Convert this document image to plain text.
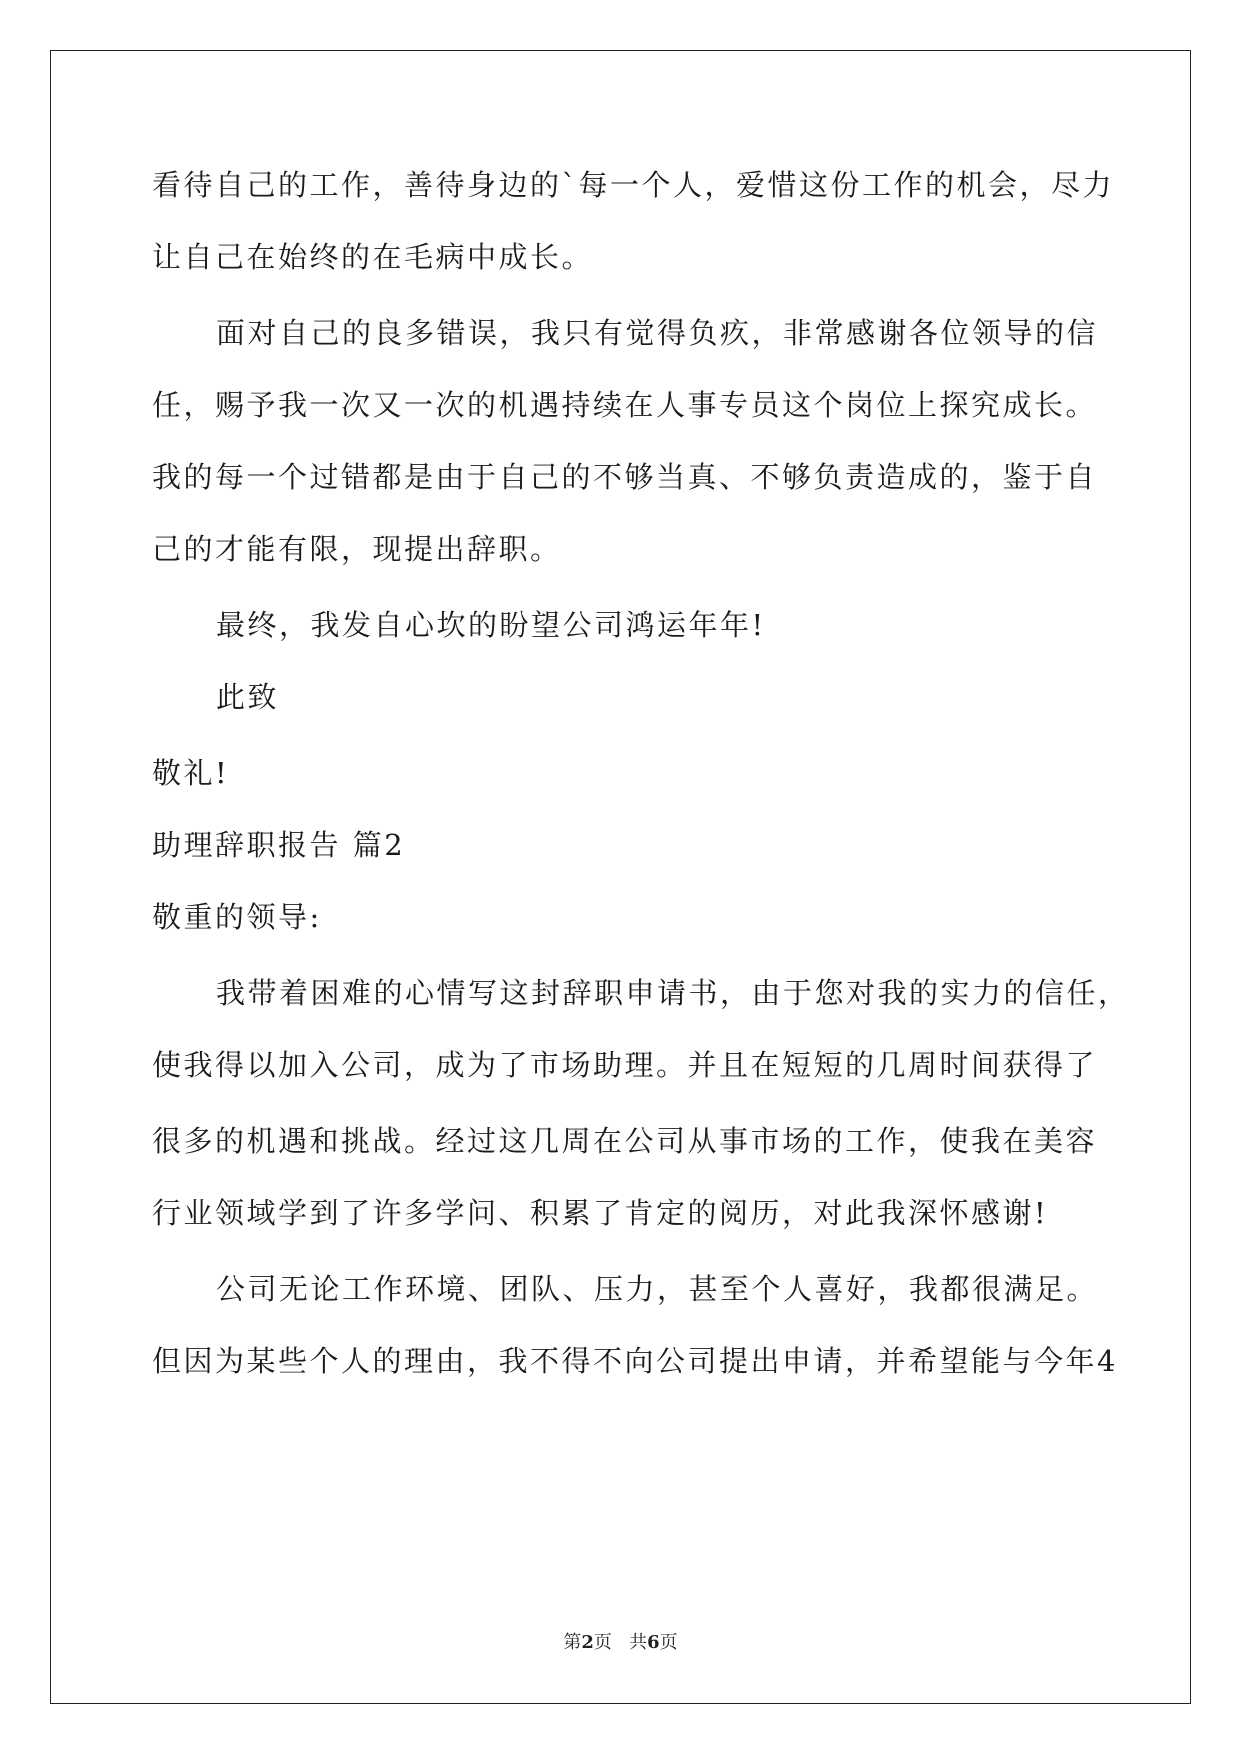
看待自己的工作，善待身边的`每一个人，爱惜这份工作的机会，尽力
让自己在始终的在毛病中成长。
面对自己的良多错误，我只有觉得负疚，非常感谢各位领导的信
任，赐予我一次又一次的机遇持续在人事专员这个岗位上探究成长。
我的每一个过错都是由于自己的不够当真、不够负责造成的，鉴于自
己的才能有限，现提出辞职。
最终，我发自心坎的盼望公司鸿运年年!
此致
敬礼!
助理辞职报告 篇2
敬重的领导:
我带着困难的心情写这封辞职申请书，由于您对我的实力的信任，
使我得以加入公司，成为了市场助理。并且在短短的几周时间获得了
很多的机遇和挑战。经过这几周在公司从事市场的工作，使我在美容
行业领域学到了许多学问、积累了肯定的阅历，对此我深怀感谢!
公司无论工作环境、团队、压力，甚至个人喜好，我都很满足。
但因为某些个人的理由，我不得不向公司提出申请，并希望能与今年4
第2页 共6页
